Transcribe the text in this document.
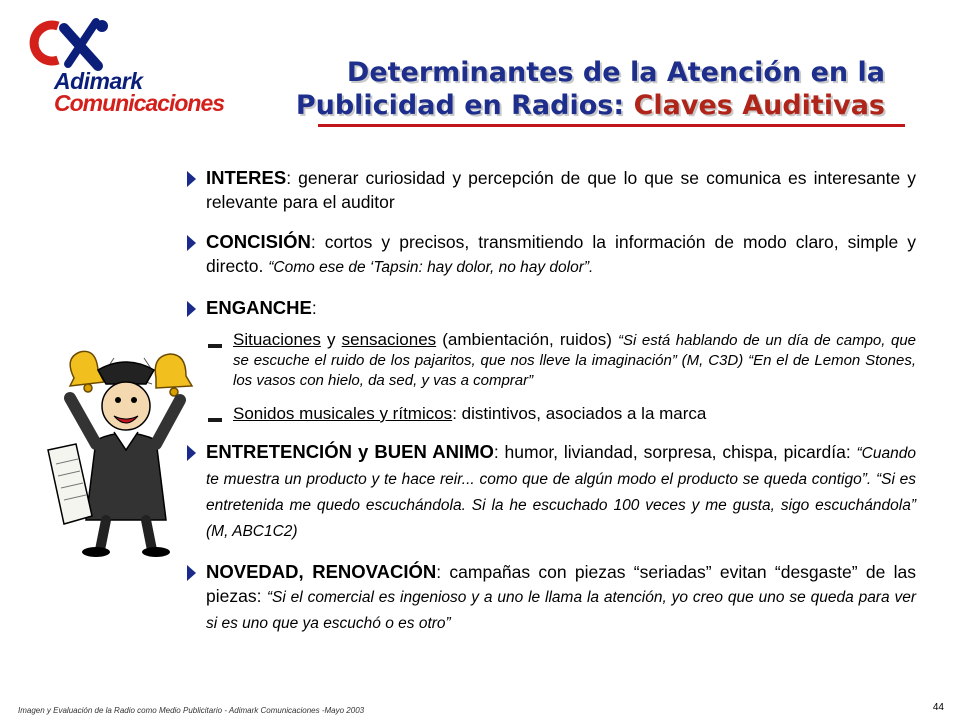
Adimark
Comunicaciones
Determinantes de la Atención en la
Publicidad en Radios: Claves Auditivas
INTERES: generar curiosidad y percepción de que lo que se comunica es interesante y relevante para el auditor
CONCISIÓN: cortos y precisos, transmitiendo la información de modo claro, simple y directo. “Como ese de ‘Tapsin: hay dolor, no hay dolor”.
ENGANCHE:
Situaciones y sensaciones (ambientación, ruidos) “Si está hablando de un día de campo, que se escuche el ruido de los pajaritos, que nos lleve la imaginación” (M, C3D) “En el de Lemon Stones, los vasos con hielo, da sed, y vas a comprar”
Sonidos musicales y rítmicos: distintivos, asociados a la marca
ENTRETENCIÓN y BUEN ANIMO: humor, liviandad, sorpresa, chispa, picardía: “Cuando te muestra un producto y te hace reir... como que de algún modo el producto se queda contigo”. “Si es entretenida me quedo escuchándola. Si la he escuchado 100 veces y me gusta, sigo escuchándola” (M, ABC1C2)
NOVEDAD, RENOVACIÓN: campañas con piezas “seriadas” evitan “desgaste” de las piezas: “Si el comercial es ingenioso y a uno le llama la atención, yo creo que uno se queda para ver si es uno que ya escuchó o es otro”
Imagen y Evaluación de la Radio como Medio Publicitario - Adimark Comunicaciones -Mayo 2003	44
